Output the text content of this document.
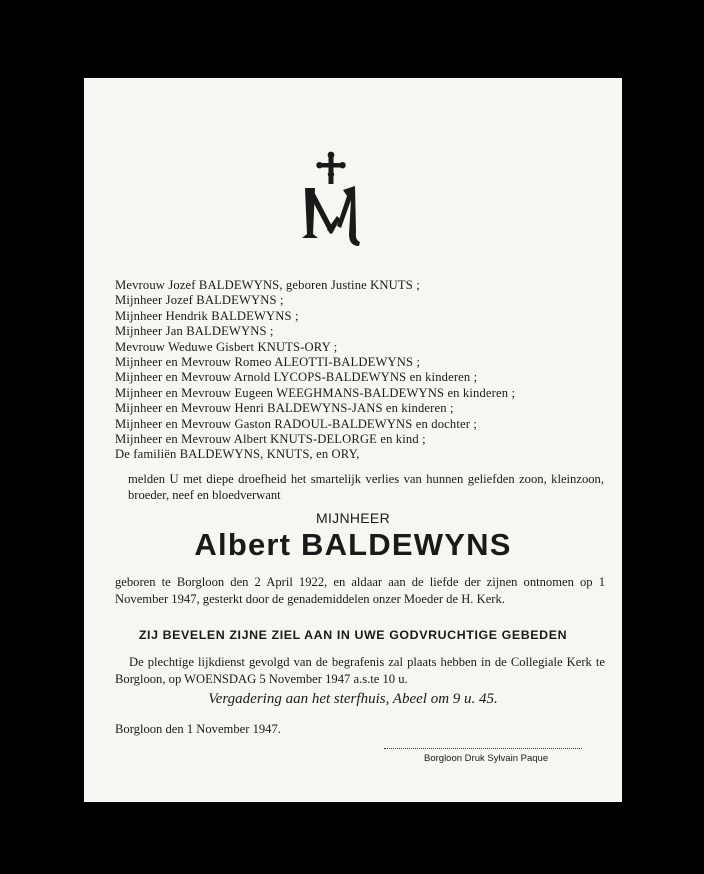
Mevrouw Jozef BALDEWYNS, geboren Justine KNUTS ;
Mijnheer Jozef BALDEWYNS ;
Mijnheer Hendrik BALDEWYNS ;
Mijnheer Jan BALDEWYNS ;
Mevrouw Weduwe Gisbert KNUTS-ORY ;
Mijnheer en Mevrouw Romeo ALEOTTI-BALDEWYNS ;
Mijnheer en Mevrouw Arnold LYCOPS-BALDEWYNS en kinderen ;
Mijnheer en Mevrouw Eugeen WEEGHMANS-BALDEWYNS en kinderen ;
Mijnheer en Mevrouw Henri BALDEWYNS-JANS en kinderen ;
Mijnheer en Mevrouw Gaston RADOUL-BALDEWYNS en dochter ;
Mijnheer en Mevrouw Albert KNUTS-DELORGE en kind ;
De familiën BALDEWYNS, KNUTS, en ORY,
melden U met diepe droefheid het smartelijk verlies van hunnen geliefden zoon, kleinzoon, broeder, neef en bloedverwant
MIJNHEER
Albert BALDEWYNS
geboren te Borgloon den 2 April 1922, en aldaar aan de liefde der zijnen ontnomen op 1 November 1947, gesterkt door de genademiddelen onzer Moeder de H. Kerk.
ZIJ BEVELEN ZIJNE ZIEL AAN IN UWE GODVRUCHTIGE GEBEDEN
De plechtige lijkdienst gevolgd van de begrafenis zal plaats hebben in de Collegiale Kerk te Borgloon, op WOENSDAG 5 November 1947 a.s.te 10 u.
Vergadering aan het sterfhuis, Abeel om 9 u. 45.
Borgloon den 1 November 1947.
Borgloon Druk Sylvain Paque
